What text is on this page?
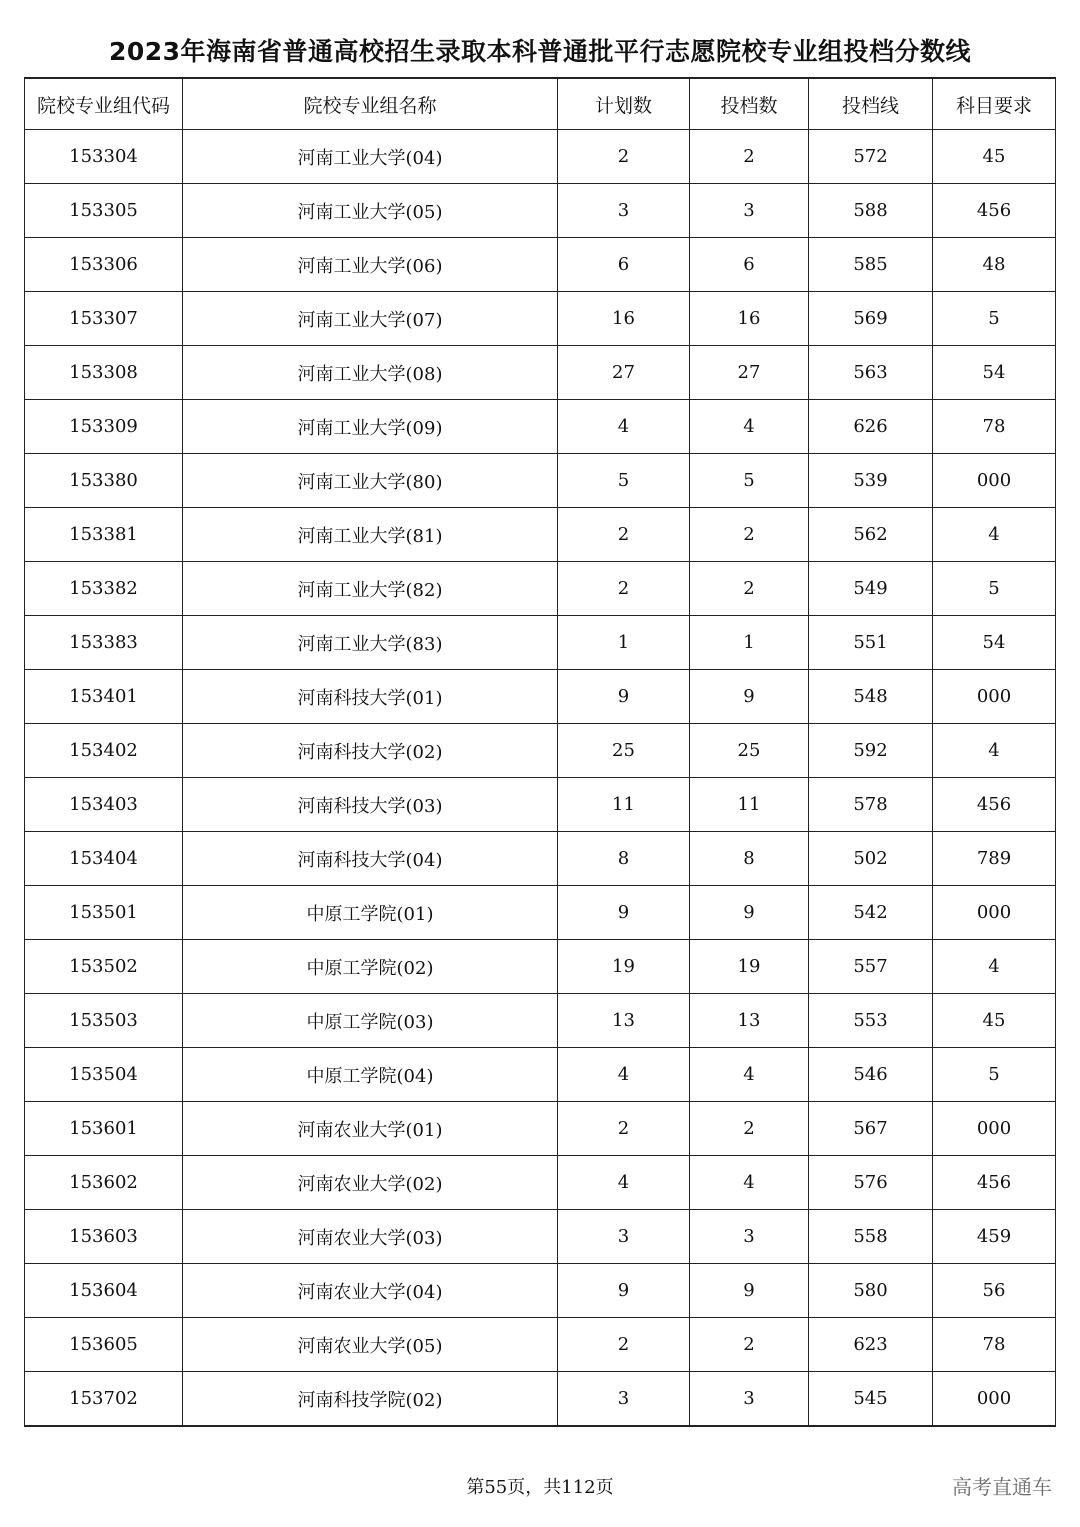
2023年海南省普通高校招生录取本科普通批平行志愿院校专业组投档分数线
院校专业组代码	院校专业组名称	计划数	投档数	投档线	科目要求
153304	河南工业大学(04)	2	2	572	45
153305	河南工业大学(05)	3	3	588	456
153306	河南工业大学(06)	6	6	585	48
153307	河南工业大学(07)	16	16	569	5
153308	河南工业大学(08)	27	27	563	54
153309	河南工业大学(09)	4	4	626	78
153380	河南工业大学(80)	5	5	539	000
153381	河南工业大学(81)	2	2	562	4
153382	河南工业大学(82)	2	2	549	5
153383	河南工业大学(83)	1	1	551	54
153401	河南科技大学(01)	9	9	548	000
153402	河南科技大学(02)	25	25	592	4
153403	河南科技大学(03)	11	11	578	456
153404	河南科技大学(04)	8	8	502	789
153501	中原工学院(01)	9	9	542	000
153502	中原工学院(02)	19	19	557	4
153503	中原工学院(03)	13	13	553	45
153504	中原工学院(04)	4	4	546	5
153601	河南农业大学(01)	2	2	567	000
153602	河南农业大学(02)	4	4	576	456
153603	河南农业大学(03)	3	3	558	459
153604	河南农业大学(04)	9	9	580	56
153605	河南农业大学(05)	2	2	623	78
153702	河南科技学院(02)	3	3	545	000
第55页，共112页	高考直通车
